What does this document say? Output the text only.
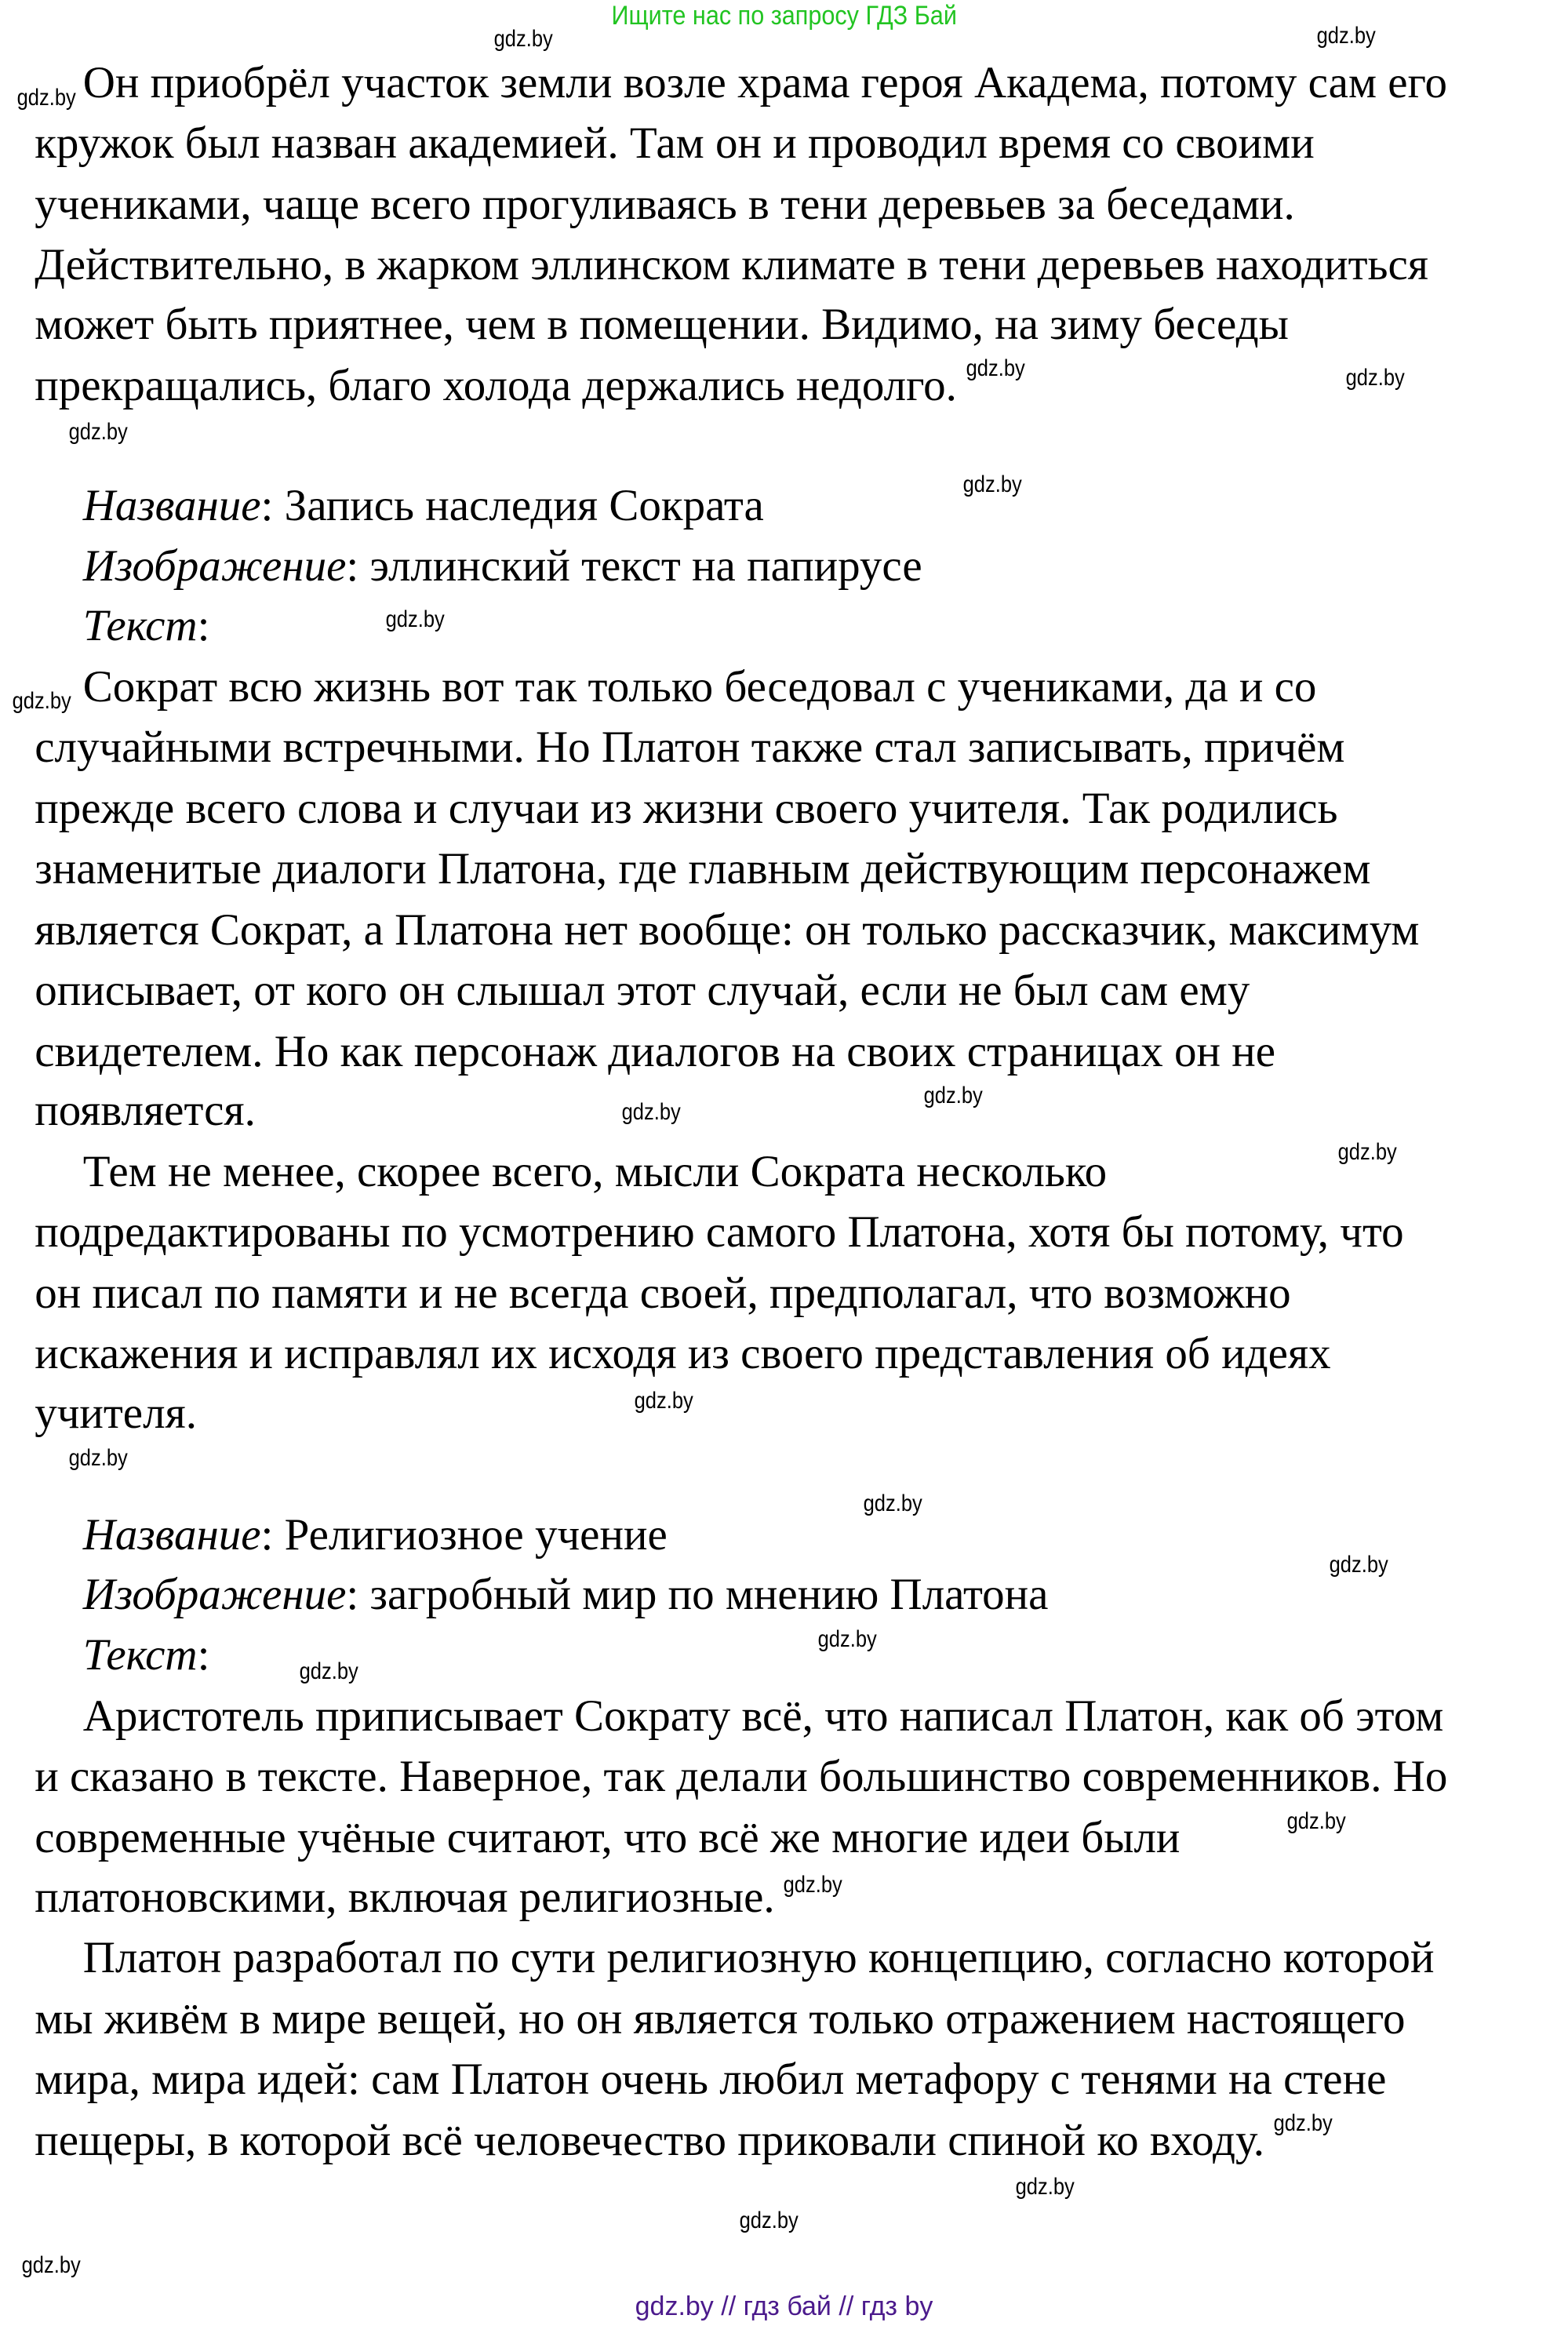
Ищите нас по запросу ГДЗ Бай
Он приобрёл участок земли возле храма героя Академа, потому сам его
кружок был назван академией. Там он и проводил время со своими
учениками, чаще всего прогуливаясь в тени деревьев за беседами.
Действительно, в жарком эллинском климате в тени деревьев находиться
может быть приятнее, чем в помещении. Видимо, на зиму беседы
прекращались, благо холода держались недолго.
Название: Запись наследия Сократа
Изображение: эллинский текст на папирусе
Текст:
Сократ всю жизнь вот так только беседовал с учениками, да и со
случайными встречными. Но Платон также стал записывать, причём
прежде всего слова и случаи из жизни своего учителя. Так родились
знаменитые диалоги Платона, где главным действующим персонажем
является Сократ, а Платона нет вообще: он только рассказчик, максимум
описывает, от кого он слышал этот случай, если не был сам ему
свидетелем. Но как персонаж диалогов на своих страницах он не
появляется.
Тем не менее, скорее всего, мысли Сократа несколько
подредактированы по усмотрению самого Платона, хотя бы потому, что
он писал по памяти и не всегда своей, предполагал, что возможно
искажения и исправлял их исходя из своего представления об идеях
учителя.
Название: Религиозное учение
Изображение: загробный мир по мнению Платона
Текст:
Аристотель приписывает Сократу всё, что написал Платон, как об этом
и сказано в тексте. Наверное, так делали большинство современников. Но
современные учёные считают, что всё же многие идеи были
платоновскими, включая религиозные.
Платон разработал по сути религиозную концепцию, согласно которой
мы живём в мире вещей, но он является только отражением настоящего
мира, мира идей: сам Платон очень любил метафору с тенями на стене
пещеры, в которой всё человечество приковали спиной ко входу.
gdz.by
gdz.by
gdz.by
gdz.by	gdz.by
gdz.by
gdz.by
gdz.by
gdz.by
gdz.by
gdz.by
gdz.by
gdz.by
gdz.by
gdz.by
gdz.by
gdz.by
gdz.by
gdz.by
gdz.by
gdz.by
gdz.by
gdz.by
gdz.by
gdz.by // гдз бай // гдз by
